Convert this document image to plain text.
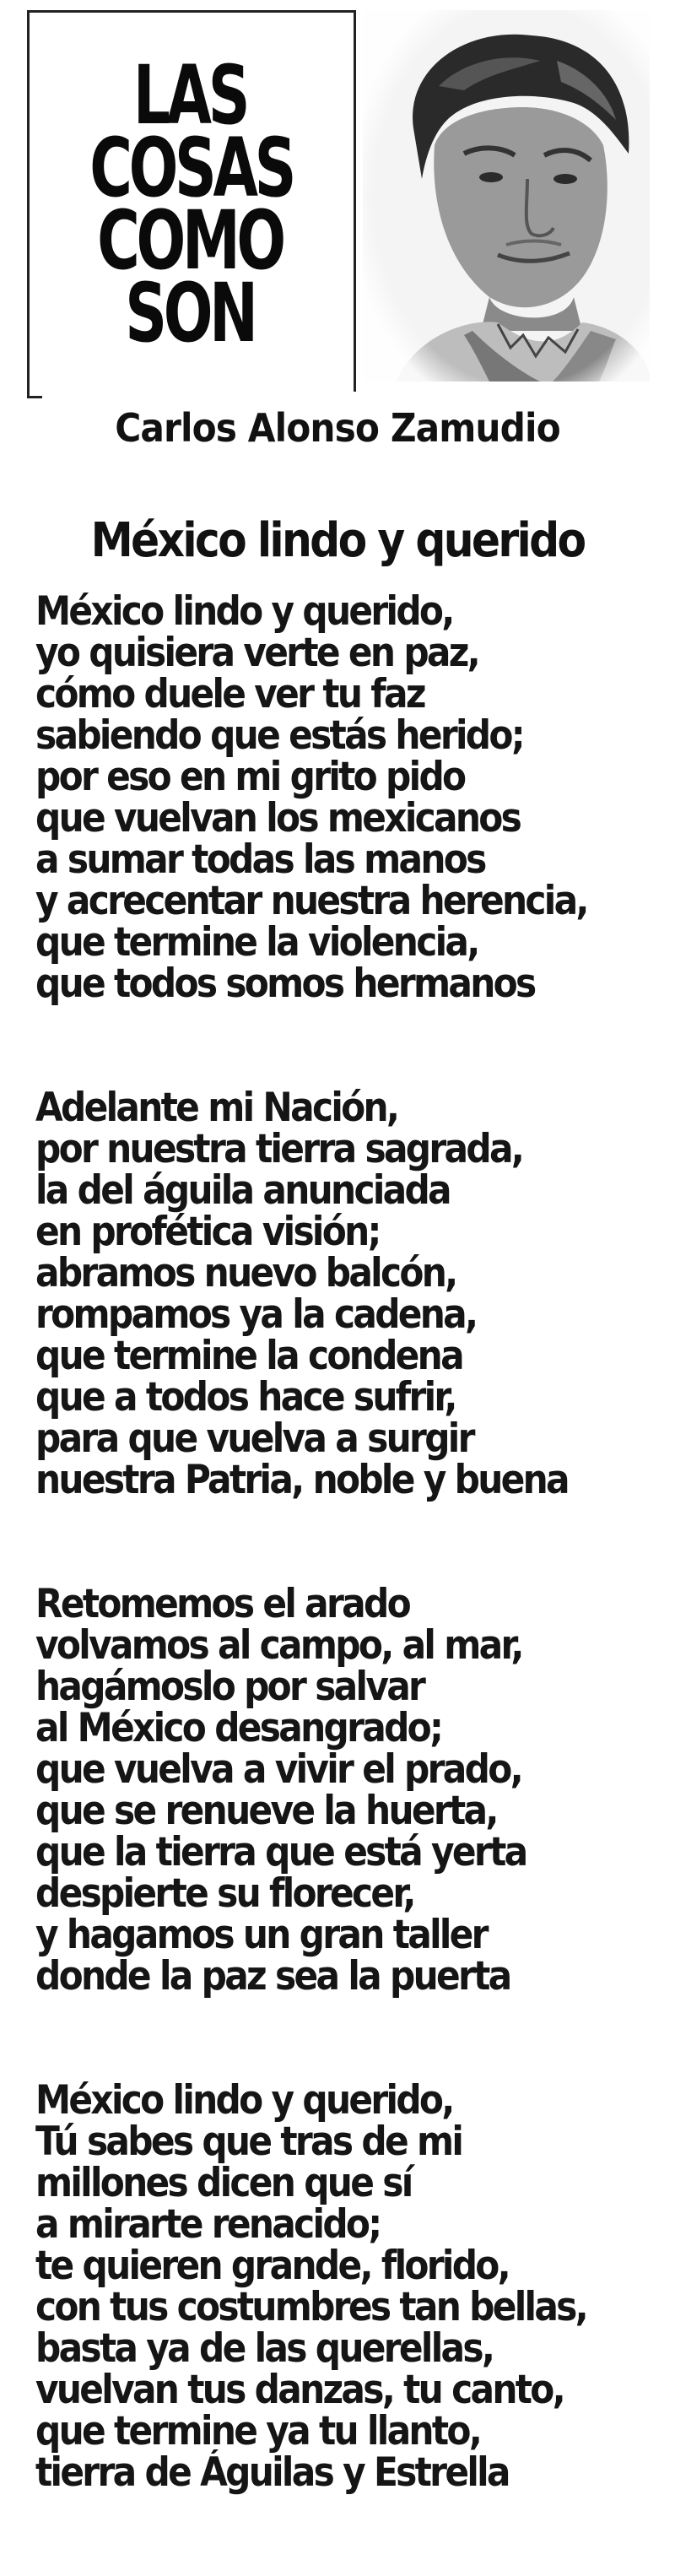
LAS
COSAS
COMO
SON
Carlos Alonso Zamudio
México lindo y querido
México lindo y querido,
yo quisiera verte en paz,
cómo duele ver tu faz
sabiendo que estás herido;
por eso en mi grito pido
que vuelvan los mexicanos
a sumar todas las manos
y acrecentar nuestra herencia,
que termine la violencia,
que todos somos hermanos
Adelante mi Nación,
por nuestra tierra sagrada,
la del águila anunciada
en profética visión;
abramos nuevo balcón,
rompamos ya la cadena,
que termine la condena
que a todos hace sufrir,
para que vuelva a surgir
nuestra Patria, noble y buena
Retomemos el arado
volvamos al campo, al mar,
hagámoslo por salvar
al México desangrado;
que vuelva a vivir el prado,
que se renueve la huerta,
que la tierra que está yerta
despierte su florecer,
y hagamos un gran taller
donde la paz sea la puerta
México lindo y querido,
Tú sabes que tras de mi
millones dicen que sí
a mirarte renacido;
te quieren grande, florido,
con tus costumbres tan bellas,
basta ya de las querellas,
vuelvan tus danzas, tu canto,
que termine ya tu llanto,
tierra de Águilas y Estrella
